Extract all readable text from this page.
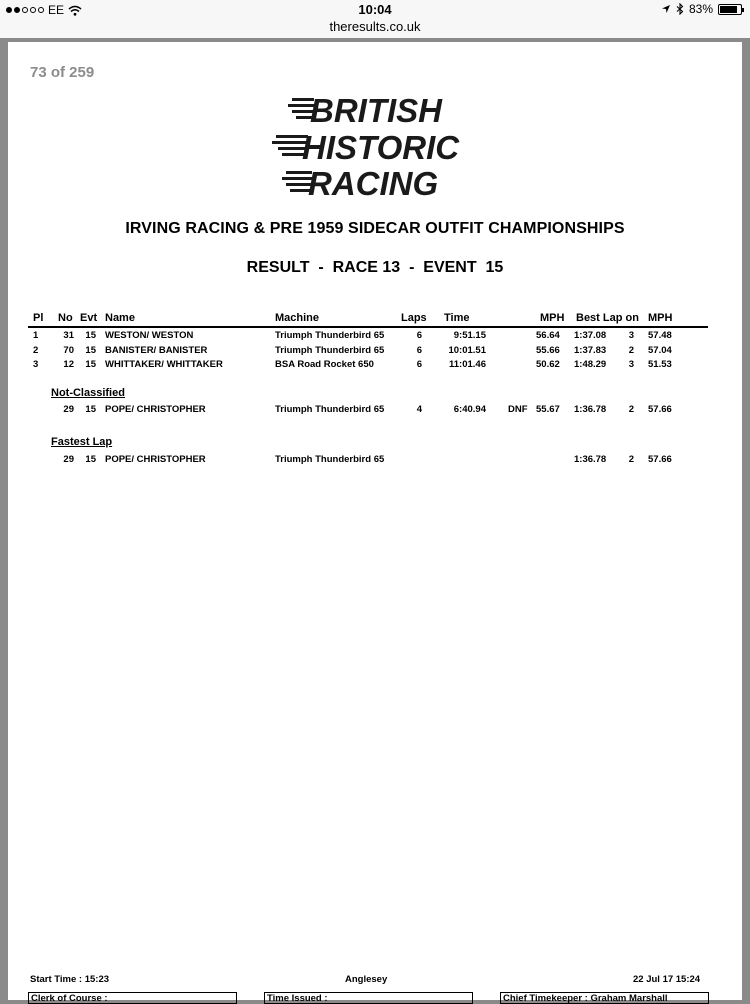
EE	10:04	83%
theresults.co.uk
73 of 259
BRITISH
HISTORIC
RACING
IRVING RACING & PRE 1959 SIDECAR OUTFIT CHAMPIONSHIPS
RESULT  -  RACE 13  -  EVENT  15
Pl No Evt Name	Machine	Laps Time	MPH Best Lap on MPH
1	31	15 WESTON/ WESTON	Triumph Thunderbird 65	6	9:51.15	56.64 1:37.08	3 57.48
2	70	15 BANISTER/ BANISTER	Triumph Thunderbird 65	6	10:01.51	55.66 1:37.83	2 57.04
3	12	15 WHITTAKER/ WHITTAKER	BSA Road Rocket 650	6	11:01.46	50.62 1:48.29	3 51.53
Not-Classified
29	15 POPE/ CHRISTOPHER	Triumph Thunderbird 65	4	6:40.94 DNF 55.67 1:36.78	2 57.66
Fastest Lap
29	15 POPE/ CHRISTOPHER	Triumph Thunderbird 65	1:36.78	2 57.66
Start Time : 15:23	Anglesey	22 Jul 17 15:24
Clerk of Course :	Time Issued :	Chief Timekeeper : Graham Marshall
